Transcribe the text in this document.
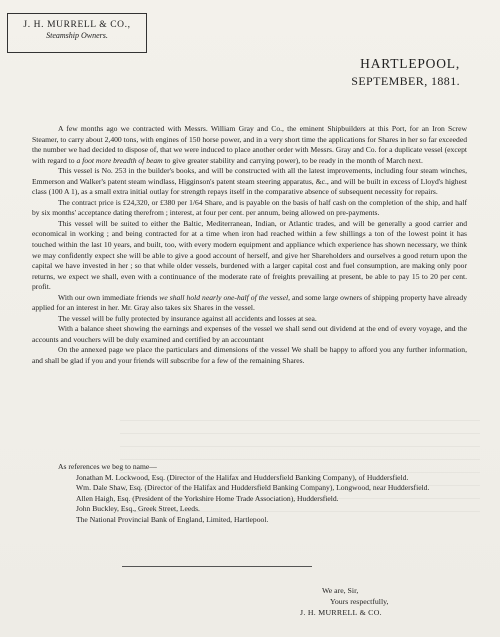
J. H. MURRELL & CO.,
Steamship Owners.
HARTLEPOOL,
SEPTEMBER, 1881.

A few months ago we contracted with Messrs. William Gray and Co., the eminent Shipbuilders at this Port, for an Iron Screw Steamer, to carry about 2,400 tons, with engines of 150 horse power, and in a very short time the applications for Shares in her so far exceeded the number we had decided to dispose of, that we were induced to place another order with Messrs. Gray and Co. for a duplicate vessel (except with regard to a foot more breadth of beam to give greater stability and carrying power), to be ready in the month of March next.

This vessel is No. 253 in the builder's books, and will be constructed with all the latest improvements, including four steam winches, Emmerson and Walker's patent steam windlass, Higginson's patent steam steering apparatus, &c., and will be built in excess of Lloyd's highest class (100 A 1), as a small extra initial outlay for strength repays itself in the comparative absence of subsequent necessity for repairs.

The contract price is £24,320, or £380 per 1/64 Share, and is payable on the basis of half cash on the completion of the ship, and half by six months' acceptance dating therefrom ; interest, at four per cent. per annum, being allowed on pre-payments.

This vessel will be suited to either the Baltic, Mediterranean, Indian, or Atlantic trades, and will be generally a good carrier and economical in working ; and being contracted for at a time when iron had reached within a few shillings a ton of the lowest point it has touched within the last 10 years, and built, too, with every modern equipment and appliance which experience has shown necessary, we think we may confidently expect she will be able to give a good account of herself, and give her Shareholders and ourselves a good return upon the capital we have invested in her ; so that while older vessels, burdened with a larger capital cost and fuel consumption, are making only poor returns, we expect we shall, even with a continuance of the moderate rate of freights prevailing at present, be able to pay 15 to 20 per cent. profit.

With our own immediate friends we shall hold nearly one-half of the vessel, and some large owners of shipping property have already applied for an interest in her. Mr. Gray also takes six Shares in the vessel.

The vessel will be fully protected by insurance against all accidents and losses at sea.

With a balance sheet showing the earnings and expenses of the vessel we shall send out dividend at the end of every voyage, and the accounts and vouchers will be duly examined and certified by an accountant

On the annexed page we place the particulars and dimensions of the vessel We shall be happy to afford you any further information, and shall be glad if you and your friends will subscribe for a few of the remaining Shares.

As references we beg to name—

Jonathan M. Lockwood, Esq. (Director of the Halifax and Huddersfield Banking Company), of Huddersfield.

Wm. Dale Shaw, Esq. (Director of the Halifax and Huddersfield Banking Company), Longwood, near Huddersfield.

Allen Haigh, Esq. (President of the Yorkshire Home Trade Association), Huddersfield.

John Buckley, Esq., Greek Street, Leeds.

The National Provincial Bank of England, Limited, Hartlepool.

We are, Sir,
Yours respectfully,
J. H. MURRELL & CO.
